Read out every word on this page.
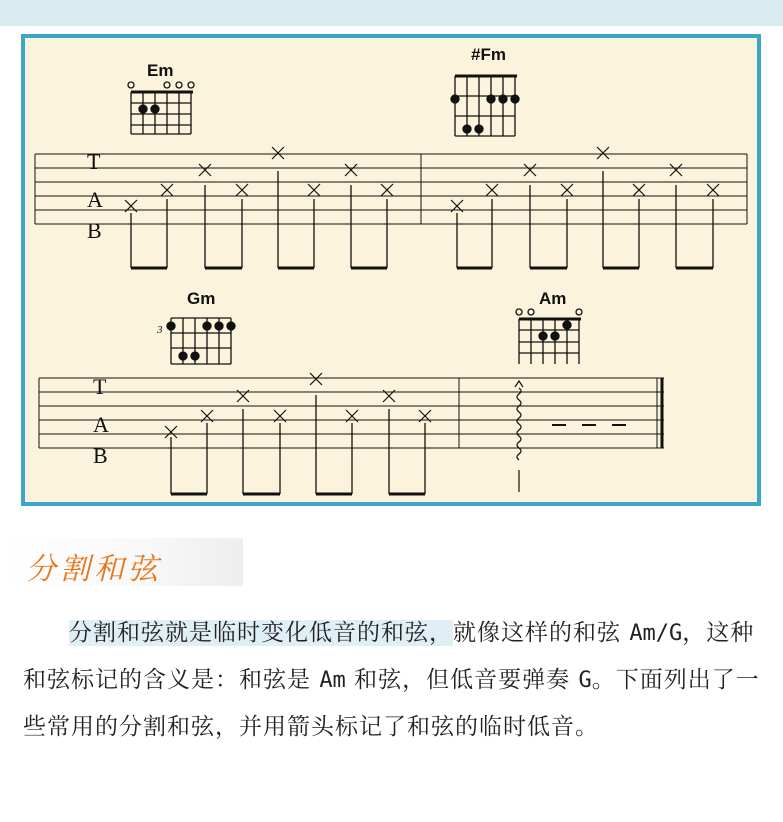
Em
#Fm
T
A
B
Gm
3
Am
T
A
B
分割和弦

分割和弦就是临时变化低音的和弦，就像这样的和弦 Am/G，这种和弦标记的含义是：和弦是 Am 和弦，但低音要弹奏 G。下面列出了一些常用的分割和弦，并用箭头标记了和弦的临时低音。
